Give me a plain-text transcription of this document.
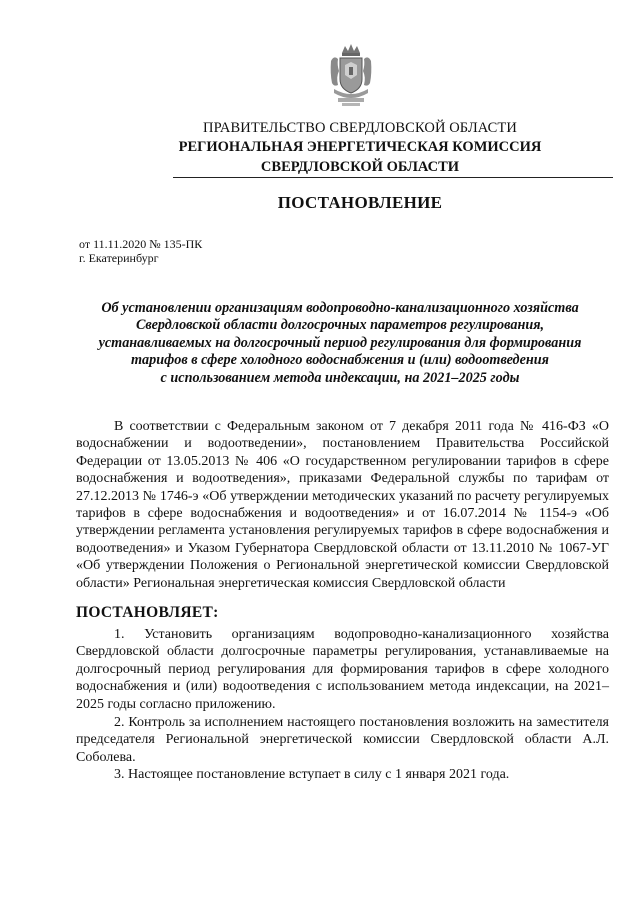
ПРАВИТЕЛЬСТВО СВЕРДЛОВСКОЙ ОБЛАСТИ
РЕГИОНАЛЬНАЯ ЭНЕРГЕТИЧЕСКАЯ КОМИССИЯ
СВЕРДЛОВСКОЙ ОБЛАСТИ
ПОСТАНОВЛЕНИЕ
от 11.11.2020 № 135-ПК
г. Екатеринбург
Об установлении организациям водопроводно-канализационного хозяйства
Свердловской области долгосрочных параметров регулирования,
устанавливаемых на долгосрочный период регулирования для формирования
тарифов в сфере холодного водоснабжения и (или) водоотведения
с использованием метода индексации, на 2021–2025 годы
В соответствии с Федеральным законом от 7 декабря 2011 года № 416-ФЗ «О водоснабжении и водоотведении», постановлением Правительства Российской Федерации от 13.05.2013 № 406 «О государственном регулировании тарифов в сфере водоснабжения и водоотведения», приказами Федеральной службы по тарифам от 27.12.2013 № 1746-э «Об утверждении методических указаний по расчету регулируемых тарифов в сфере водоснабжения и водоотведения» и от 16.07.2014 № 1154-э «Об утверждении регламента установления регулируемых тарифов в сфере водоснабжения и водоотведения» и Указом Губернатора Свердловской области от 13.11.2010 № 1067-УГ «Об утверждении Положения о Региональной энергетической комиссии Свердловской области» Региональная энергетическая комиссия Свердловской области
ПОСТАНОВЛЯЕТ:
1. Установить организациям водопроводно-канализационного хозяйства Свердловской области долгосрочные параметры регулирования, устанавливаемые на долгосрочный период регулирования для формирования тарифов в сфере холодного водоснабжения и (или) водоотведения с использованием метода индексации, на 2021–2025 годы согласно приложению.
2. Контроль за исполнением настоящего постановления возложить на заместителя председателя Региональной энергетической комиссии Свердловской области А.Л. Соболева.
3. Настоящее постановление вступает в силу с 1 января 2021 года.
